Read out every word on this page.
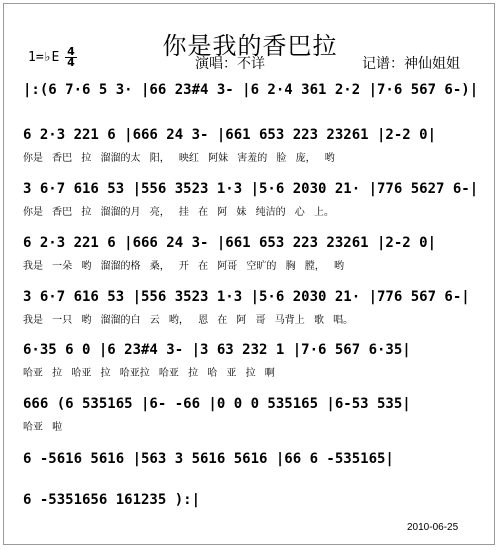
你是我的香巴拉
1=♭E 4
4	演唱：不详	记谱：神仙姐姐
|:(6 7·6 5 3· |66 23#4 3- |6 2·4 361 2·2 |7·6 567 6-)|
6 2·3 221 6 |666 24 3- |661 653 223 23261 |2-2 0|
你是 香巴 拉 溜溜的太 阳， 映红 阿妹 害羞的 脸 庞， 哟
3 6·7 616 53 |556 3523 1·3 |5·6 2030 21· |776 5627 6-|
你是 香巴 拉 溜溜的月 亮， 挂 在 阿 妹 纯洁的 心 上。
6 2·3 221 6 |666 24 3- |661 653 223 23261 |2-2 0|
我是 一朵 哟 溜溜的格 桑， 开 在 阿哥 空旷的 胸 膛， 哟
3 6·7 616 53 |556 3523 1·3 |5·6 2030 21· |776 567 6-|
我是 一只 哟 溜溜的白 云 哟， 恩 在 阿 哥 马背上 歌 唱。
6·35 6 0 |6 23#4 3- |3 63 232 1 |7·6 567 6·35|
哈亚 拉 哈亚 拉 哈亚拉 哈亚 拉 哈 亚 拉 啊
666 (6 535165 |6- -66 |0 0 0 535165 |6-53 535|
哈亚 啦
6 -5616 5616 |563 3 5616 5616 |66 6 -535165|
6 -5351656 161235 ):|
2010-06-25
